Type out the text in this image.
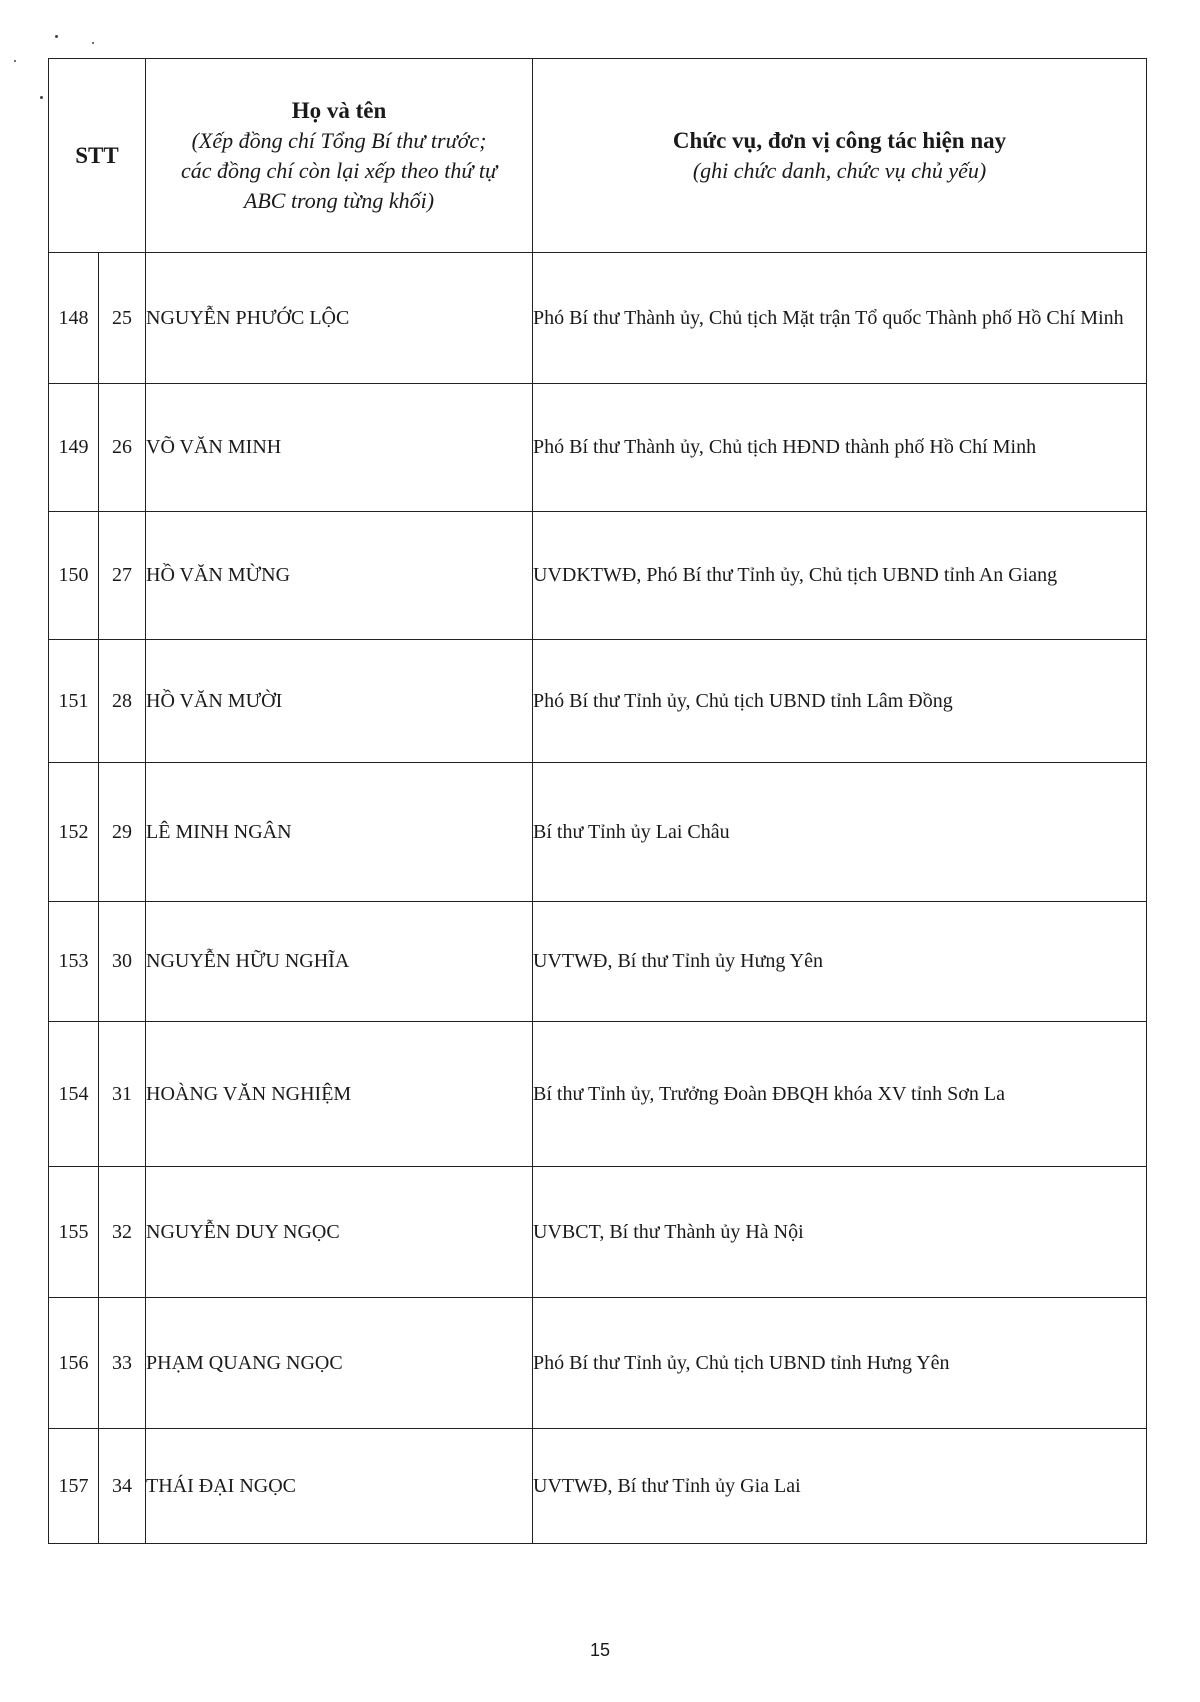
STT		Họ và tên
(Xếp đồng chí Tổng Bí thư trước;
các đồng chí còn lại xếp theo thứ tự
ABC trong từng khối)	Chức vụ, đơn vị công tác hiện nay
(ghi chức danh, chức vụ chủ yếu)

148	25	NGUYỄN PHƯỚC LỘC	Phó Bí thư Thành ủy, Chủ tịch Mặt trận Tổ quốc Thành phố Hồ Chí Minh
149	26	VÕ VĂN MINH	Phó Bí thư Thành ủy, Chủ tịch HĐND thành phố Hồ Chí Minh
150	27	HỒ VĂN MỪNG	UVDKTWĐ, Phó Bí thư Tỉnh ủy, Chủ tịch UBND tỉnh An Giang
151	28	HỒ VĂN MƯỜI	Phó Bí thư Tỉnh ủy, Chủ tịch UBND tỉnh Lâm Đồng
152	29	LÊ MINH NGÂN	Bí thư Tỉnh ủy Lai Châu
153	30	NGUYỄN HỮU NGHĨA	UVTWĐ, Bí thư Tỉnh ủy Hưng Yên
154	31	HOÀNG VĂN NGHIỆM	Bí thư Tỉnh ủy, Trưởng Đoàn ĐBQH khóa XV tỉnh Sơn La
155	32	NGUYỄN DUY NGỌC	UVBCT, Bí thư Thành ủy Hà Nội
156	33	PHẠM QUANG NGỌC	Phó Bí thư Tỉnh ủy, Chủ tịch UBND tỉnh Hưng Yên
157	34	THÁI ĐẠI NGỌC	UVTWĐ, Bí thư Tỉnh ủy Gia Lai
15
